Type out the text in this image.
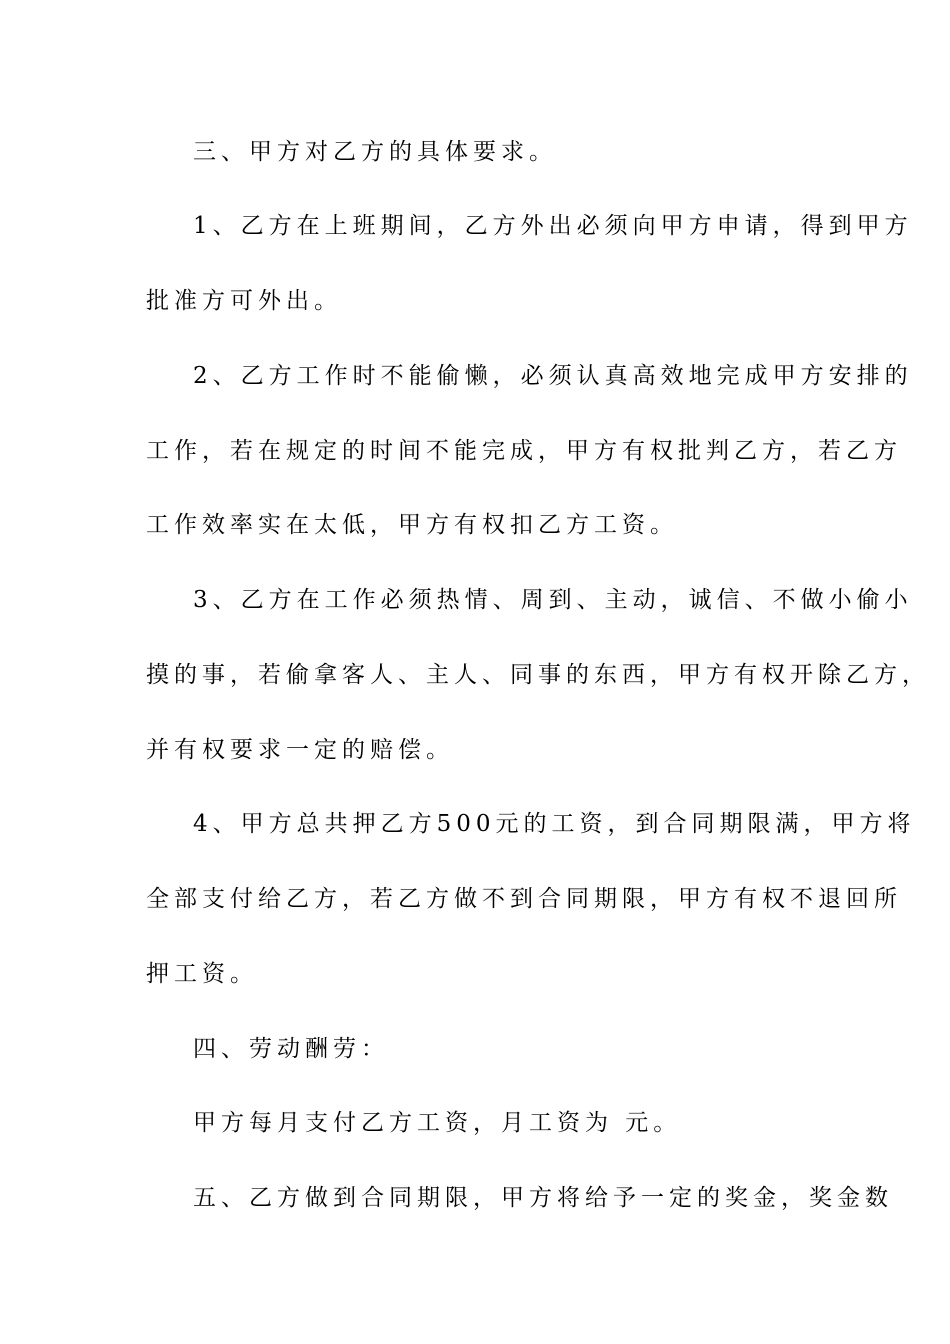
三、甲方对乙方的具体要求。
1、乙方在上班期间，乙方外出必须向甲方申请，得到甲方
批准方可外出。
2、乙方工作时不能偷懒，必须认真高效地完成甲方安排的
工作，若在规定的时间不能完成，甲方有权批判乙方，若乙方
工作效率实在太低，甲方有权扣乙方工资。
3、乙方在工作必须热情、周到、主动，诚信、不做小偷小
摸的事，若偷拿客人、主人、同事的东西，甲方有权开除乙方，
并有权要求一定的赔偿。
4、甲方总共押乙方500元的工资，到合同期限满，甲方将
全部支付给乙方，若乙方做不到合同期限，甲方有权不退回所
押工资。
四、劳动酬劳：
甲方每月支付乙方工资，月工资为 元。
五、乙方做到合同期限，甲方将给予一定的奖金，奖金数
